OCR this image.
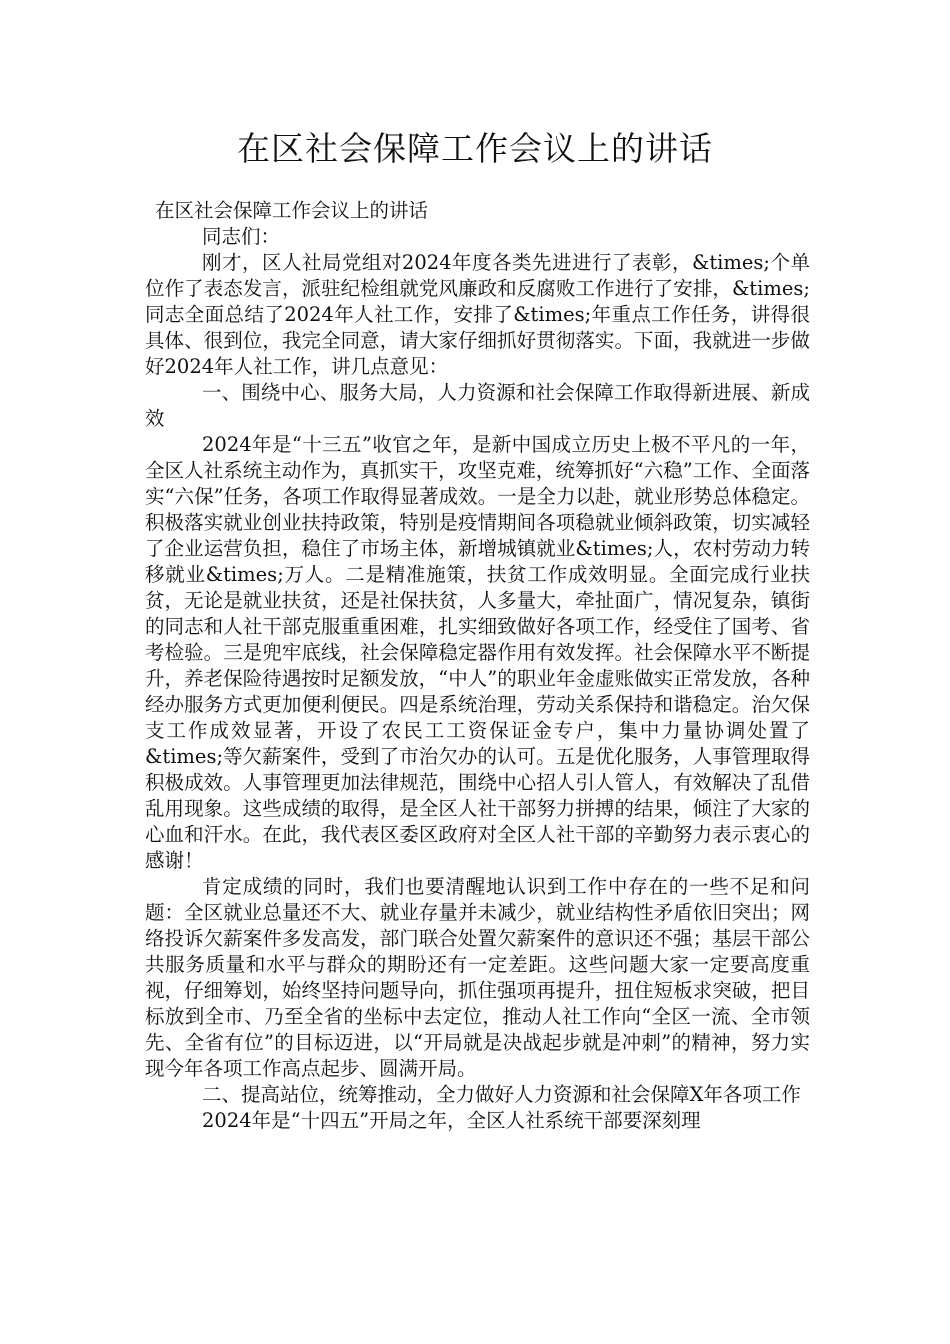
在区社会保障工作会议上的讲话

在区社会保障工作会议上的讲话

同志们：

刚才，区人社局党组对2024年度各类先进进行了表彰，&times;个单位作了表态发言，派驻纪检组就党风廉政和反腐败工作进行了安排，&times;同志全面总结了2024年人社工作，安排了&times;年重点工作任务，讲得很具体、很到位，我完全同意，请大家仔细抓好贯彻落实。下面，我就进一步做好2024年人社工作，讲几点意见：

一、围绕中心、服务大局，人力资源和社会保障工作取得新进展、新成效

2024年是“十三五”收官之年，是新中国成立历史上极不平凡的一年，全区人社系统主动作为，真抓实干，攻坚克难，统筹抓好“六稳”工作、全面落实“六保”任务，各项工作取得显著成效。一是全力以赴，就业形势总体稳定。积极落实就业创业扶持政策，特别是疫情期间各项稳就业倾斜政策，切实减轻了企业运营负担，稳住了市场主体，新增城镇就业&times;人，农村劳动力转移就业&times;万人。二是精准施策，扶贫工作成效明显。全面完成行业扶贫，无论是就业扶贫，还是社保扶贫，人多量大，牵扯面广，情况复杂，镇街的同志和人社干部克服重重困难，扎实细致做好各项工作，经受住了国考、省考检验。三是兜牢底线，社会保障稳定器作用有效发挥。社会保障水平不断提升，养老保险待遇按时足额发放，“中人”的职业年金虚账做实正常发放，各种经办服务方式更加便利便民。四是系统治理，劳动关系保持和谐稳定。治欠保支工作成效显著，开设了农民工工资保证金专户，集中力量协调处置了&times;等欠薪案件，受到了市治欠办的认可。五是优化服务，人事管理取得积极成效。人事管理更加法律规范，围绕中心招人引人管人，有效解决了乱借乱用现象。这些成绩的取得，是全区人社干部努力拼搏的结果，倾注了大家的心血和汗水。在此，我代表区委区政府对全区人社干部的辛勤努力表示衷心的感谢！

肯定成绩的同时，我们也要清醒地认识到工作中存在的一些不足和问题：全区就业总量还不大、就业存量并未减少，就业结构性矛盾依旧突出；网络投诉欠薪案件多发高发，部门联合处置欠薪案件的意识还不强；基层干部公共服务质量和水平与群众的期盼还有一定差距。这些问题大家一定要高度重视，仔细筹划，始终坚持问题导向，抓住强项再提升，扭住短板求突破，把目标放到全市、乃至全省的坐标中去定位，推动人社工作向“全区一流、全市领先、全省有位”的目标迈进，以“开局就是决战起步就是冲刺”的精神，努力实现今年各项工作高点起步、圆满开局。

二、提高站位，统筹推动，全力做好人力资源和社会保障X年各项工作

2024年是“十四五”开局之年，全区人社系统干部要深刻理
